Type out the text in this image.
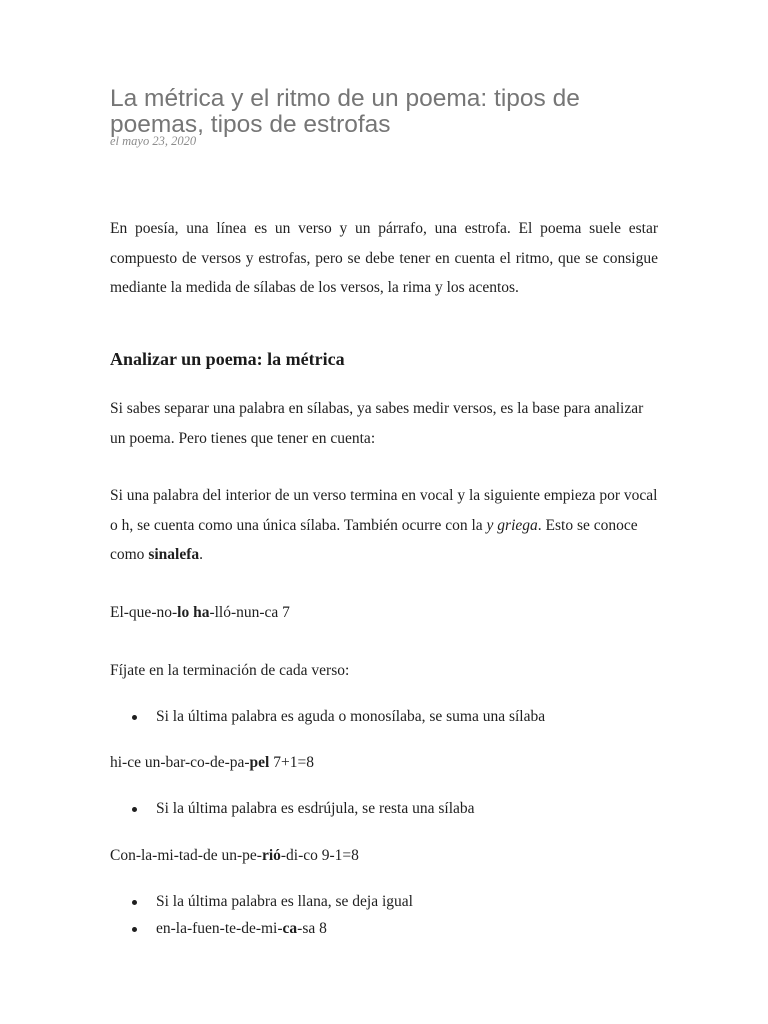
La métrica y el ritmo de un poema: tipos de poemas, tipos de estrofas
el mayo 23, 2020

En poesía, una línea es un verso y un párrafo, una estrofa. El poema suele estar compuesto de versos y estrofas, pero se debe tener en cuenta el ritmo, que se consigue mediante la medida de sílabas de los versos, la rima y los acentos.

Analizar un poema: la métrica

Si sabes separar una palabra en sílabas, ya sabes medir versos, es la base para analizar un poema. Pero tienes que tener en cuenta:

Si una palabra del interior de un verso termina en vocal y la siguiente empieza por vocal o h, se cuenta como una única sílaba. También ocurre con la y griega. Esto se conoce como sinalefa.

El-que-no-lo ha-lló-nun-ca 7
Fíjate en la terminación de cada verso:
Si la última palabra es aguda o monosílaba, se suma una sílaba
hi-ce un-bar-co-de-pa-pel 7+1=8
Si la última palabra es esdrújula, se resta una sílaba
Con-la-mi-tad-de un-pe-rió-di-co 9-1=8
Si la última palabra es llana, se deja igual
en-la-fuen-te-de-mi-ca-sa 8
